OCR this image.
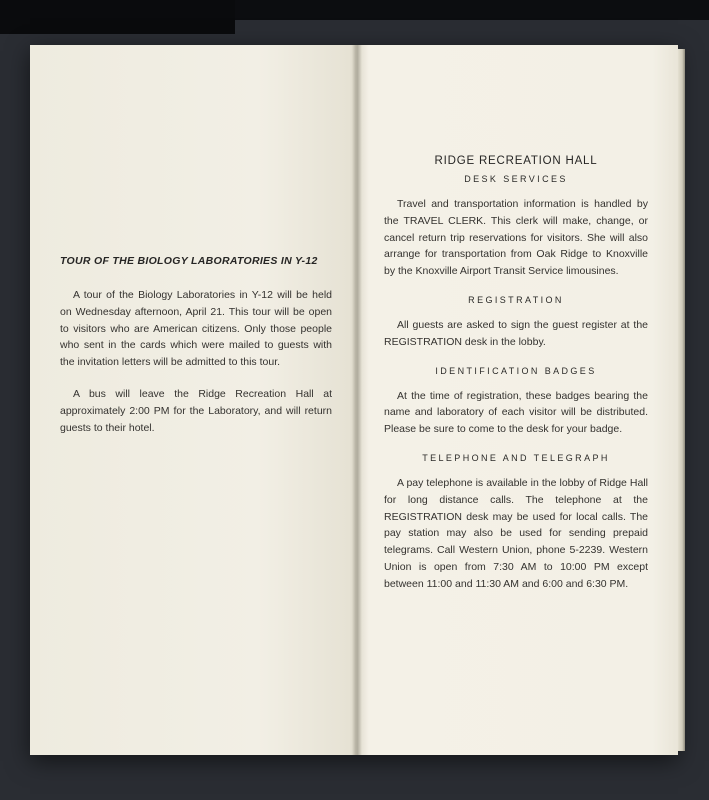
TOUR OF THE BIOLOGY LABORATORIES IN Y-12

A tour of the Biology Laboratories in Y-12 will be held on Wednesday afternoon, April 21. This tour will be open to visitors who are American citizens. Only those people who sent in the cards which were mailed to guests with the invitation letters will be admitted to this tour.

A bus will leave the Ridge Recreation Hall at approximately 2:00 PM for the Laboratory, and will return guests to their hotel.

RIDGE RECREATION HALL
DESK SERVICES

Travel and transportation information is handled by the TRAVEL CLERK. This clerk will make, change, or cancel return trip reservations for visitors. She will also arrange for transportation from Oak Ridge to Knoxville by the Knoxville Airport Transit Service limousines.

REGISTRATION

All guests are asked to sign the guest register at the REGISTRATION desk in the lobby.

IDENTIFICATION BADGES

At the time of registration, these badges bearing the name and laboratory of each visitor will be distributed. Please be sure to come to the desk for your badge.

TELEPHONE AND TELEGRAPH

A pay telephone is available in the lobby of Ridge Hall for long distance calls. The telephone at the REGISTRATION desk may be used for local calls. The pay station may also be used for sending prepaid telegrams. Call Western Union, phone 5-2239. Western Union is open from 7:30 AM to 10:00 PM except between 11:00 and 11:30 AM and 6:00 and 6:30 PM.
